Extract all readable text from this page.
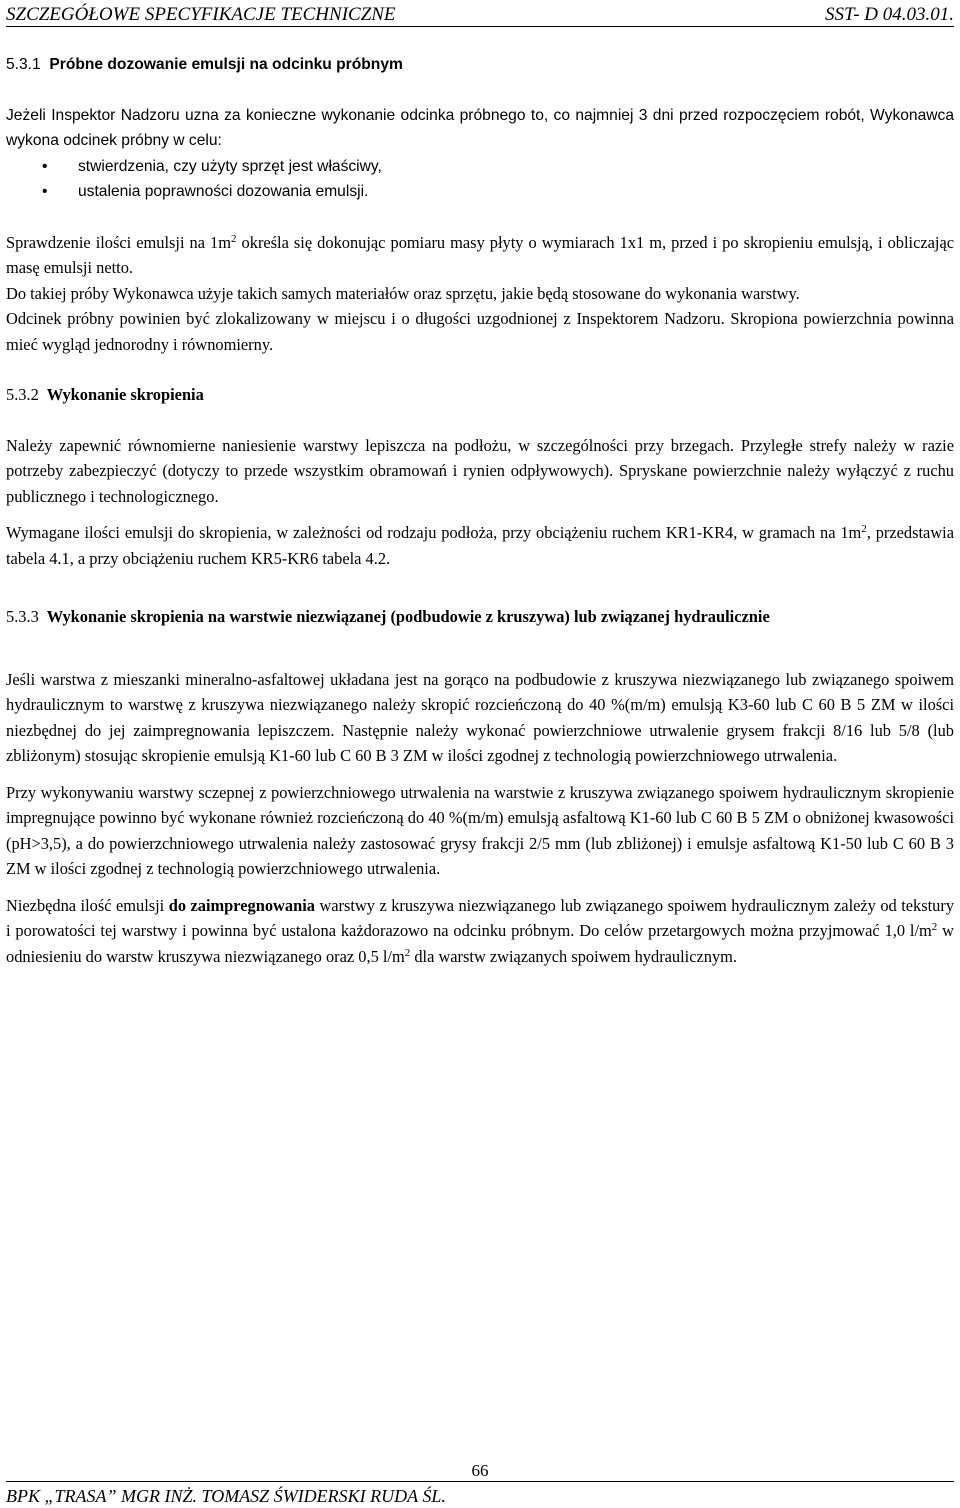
SZCZEGÓŁOWE SPECYFIKACJE TECHNICZNE	SST- D 04.03.01.

5.3.1 Próbne dozowanie emulsji na odcinku próbnym

Jeżeli Inspektor Nadzoru uzna za konieczne wykonanie odcinka próbnego to, co najmniej 3 dni przed rozpoczęciem robót, Wykonawca wykona odcinek próbny w celu:

• stwierdzenia, czy użyty sprzęt jest właściwy,
• ustalenia poprawności dozowania emulsji.

Sprawdzenie ilości emulsji na $1m^2$ określa się dokonując pomiaru masy płyty o wymiarach 1x1 m, przed i po skropieniu emulsją, i obliczając masę emulsji netto.

Do takiej próby Wykonawca użyje takich samych materiałów oraz sprzętu, jakie będą stosowane do wykonania warstwy.

Odcinek próbny powinien być zlokalizowany w miejscu i o długości uzgodnionej z Inspektorem Nadzoru. Skropiona powierzchnia powinna mieć wygląd jednorodny i równomierny.

5.3.2 Wykonanie skropienia

Należy zapewnić równomierne naniesienie warstwy lepiszcza na podłożu, w szczególności przy brzegach. Przyległe strefy należy w razie potrzeby zabezpieczyć (dotyczy to przede wszystkim obramowań i rynien odpływowych). Spryskane powierzchnie należy wyłączyć z ruchu publicznego i technologicznego.

Wymagane ilości emulsji do skropienia, w zależności od rodzaju podłoża, przy obciążeniu ruchem KR1-KR4, w gramach na $1m^2$, przedstawia tabela 4.1, a przy obciążeniu ruchem KR5-KR6 tabela 4.2.

5.3.3 Wykonanie skropienia na warstwie niezwiązanej (podbudowie z kruszywa) lub związanej hydraulicznie

Jeśli warstwa z mieszanki mineralno-asfaltowej układana jest na gorąco na podbudowie z kruszywa niezwiązanego lub związanego spoiwem hydraulicznym to warstwę z kruszywa niezwiązanego należy skropić rozcieńczoną do 40 %(m/m) emulsją K3-60 lub C 60 B 5 ZM w ilości niezbędnej do jej zaimpregnowania lepiszczem. Następnie należy wykonać powierzchniowe utrwalenie grysem frakcji 8/16 lub 5/8 (lub zbliżonym) stosując skropienie emulsją K1-60 lub C 60 B 3 ZM w ilości zgodnej z technologią powierzchniowego utrwalenia.

Przy wykonywaniu warstwy sczepnej z powierzchniowego utrwalenia na warstwie z kruszywa związanego spoiwem hydraulicznym skropienie impregnujące powinno być wykonane również rozcieńczoną do 40 %(m/m) emulsją asfaltową K1-60 lub C 60 B 5 ZM o obniżonej kwasowości (pH>3,5), a do powierzchniowego utrwalenia należy zastosować grysy frakcji 2/5 mm (lub zbliżonej) i emulsje asfaltową K1-50 lub C 60 B 3 ZM w ilości zgodnej z technologią powierzchniowego utrwalenia.

Niezbędna ilość emulsji do zaimpregnowania warstwy z kruszywa niezwiązanego lub związanego spoiwem hydraulicznym zależy od tekstury i porowatości tej warstwy i powinna być ustalona każdorazowo na odcinku próbnym. Do celów przetargowych można przyjmować 1,0 $l/m^2$ w odniesieniu do warstw kruszywa niezwiązanego oraz 0,5 $l/m^2$ dla warstw związanych spoiwem hydraulicznym.

66
BPK „TRASA” MGR INŻ. TOMASZ ŚWIDERSKI RUDA ŚL.
